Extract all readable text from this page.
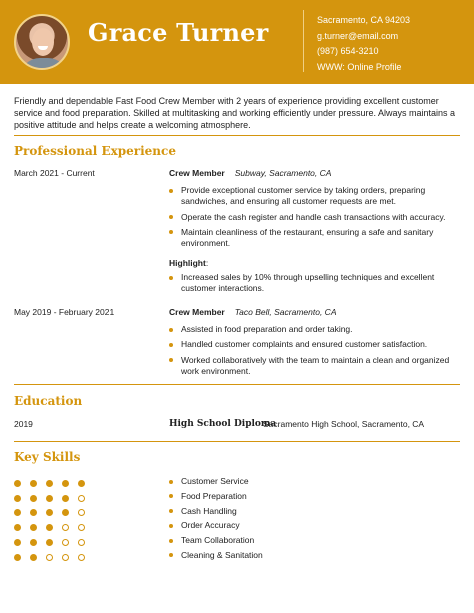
Grace Turner	Sacramento, CA 94203
g.turner@email.com
(987) 654-3210
WWW: Online Profile

Friendly and dependable Fast Food Crew Member with 2 years of experience providing excellent customer service and food preparation. Skilled at multitasking and working efficiently under pressure. Always maintains a positive attitude and helps create a welcoming atmosphere.

Professional Experience
March 2021 - Current	Crew Member Subway, Sacramento, CA
Provide exceptional customer service by taking orders, preparing sandwiches, and ensuring all customer requests are met.
Operate the cash register and handle cash transactions with accuracy.
Maintain cleanliness of the restaurant, ensuring a safe and sanitary environment.
Highlight:
Increased sales by 10% through upselling techniques and excellent customer interactions.
May 2019 - February 2021	Crew Member Taco Bell, Sacramento, CA
Assisted in food preparation and order taking.
Handled customer complaints and ensured customer satisfaction.
Worked collaboratively with the team to maintain a clean and organized work environment.
Education
2019	High School Diploma
Sacramento High School, Sacramento, CA
Key Skills
Customer Service
Food Preparation
Cash Handling
Order Accuracy
Team Collaboration
Cleaning & Sanitation
